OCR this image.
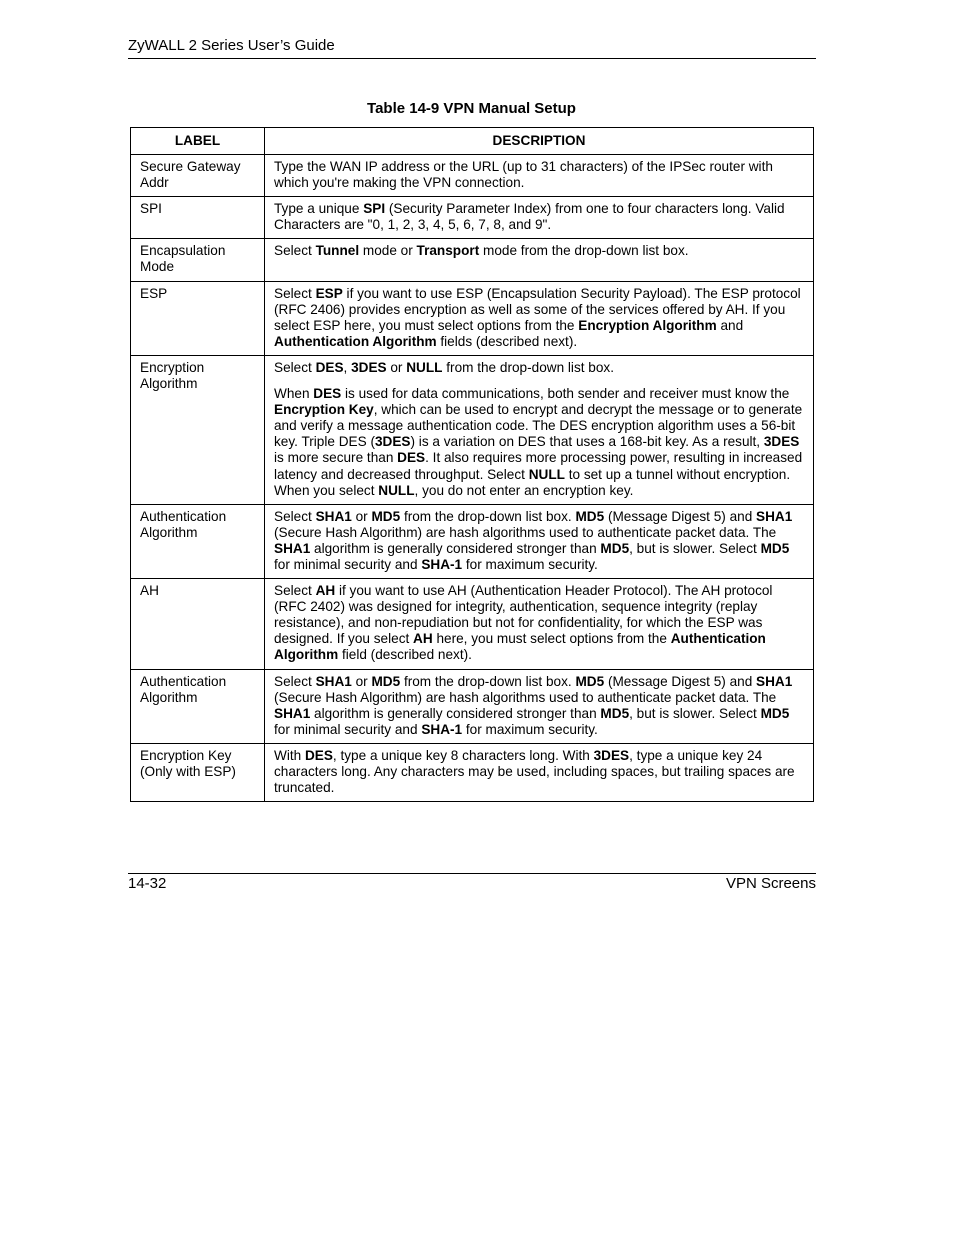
ZyWALL 2 Series User’s Guide
Table 14-9 VPN Manual Setup
LABEL	DESCRIPTION
Secure Gateway Addr	Type the WAN IP address or the URL (up to 31 characters) of the IPSec router with which you're making the VPN connection.

SPI	Type a unique SPI (Security Parameter Index) from one to four characters long. Valid Characters are "0, 1, 2, 3, 4, 5, 6, 7, 8, and 9".

Encapsulation Mode	Select Tunnel mode or Transport mode from the drop-down list box.

ESP	Select ESP if you want to use ESP (Encapsulation Security Payload). The ESP protocol (RFC 2406) provides encryption as well as some of the services offered by AH. If you select ESP here, you must select options from the Encryption Algorithm and Authentication Algorithm fields (described next).

Encryption Algorithm	Select DES, 3DES or NULL from the drop-down list box.

When DES is used for data communications, both sender and receiver must know the Encryption Key, which can be used to encrypt and decrypt the message or to generate and verify a message authentication code. The DES encryption algorithm uses a 56-bit key. Triple DES (3DES) is a variation on DES that uses a 168-bit key. As a result, 3DES is more secure than DES. It also requires more processing power, resulting in increased latency and decreased throughput. Select NULL to set up a tunnel without encryption. When you select NULL, you do not enter an encryption key.

Authentication Algorithm	Select SHA1 or MD5 from the drop-down list box. MD5 (Message Digest 5) and SHA1 (Secure Hash Algorithm) are hash algorithms used to authenticate packet data. The SHA1 algorithm is generally considered stronger than MD5, but is slower. Select MD5 for minimal security and SHA-1 for maximum security.

AH	Select AH if you want to use AH (Authentication Header Protocol). The AH protocol (RFC 2402) was designed for integrity, authentication, sequence integrity (replay resistance), and non-repudiation but not for confidentiality, for which the ESP was designed. If you select AH here, you must select options from the Authentication Algorithm field (described next).

Authentication Algorithm	Select SHA1 or MD5 from the drop-down list box. MD5 (Message Digest 5) and SHA1 (Secure Hash Algorithm) are hash algorithms used to authenticate packet data. The SHA1 algorithm is generally considered stronger than MD5, but is slower. Select MD5 for minimal security and SHA-1 for maximum security.

Encryption Key (Only with ESP)	With DES, type a unique key 8 characters long. With 3DES, type a unique key 24 characters long. Any characters may be used, including spaces, but trailing spaces are truncated.

14-32	VPN Screens
